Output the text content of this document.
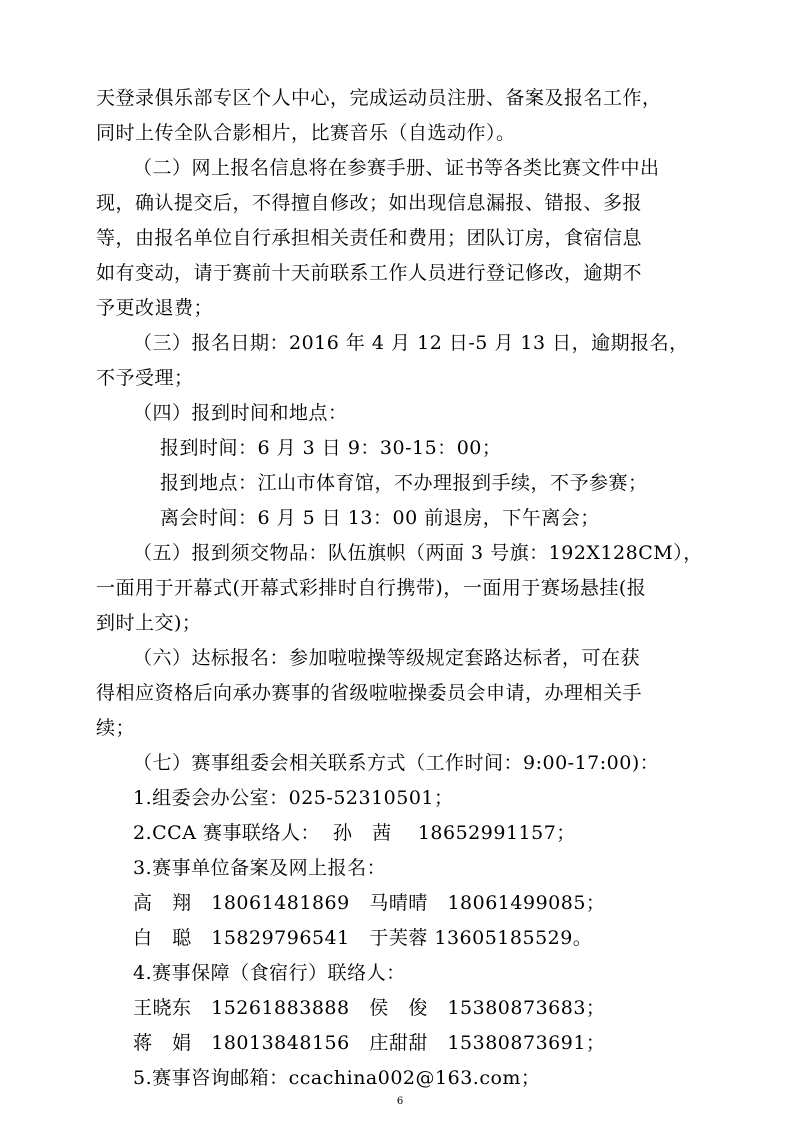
天登录俱乐部专区个人中心，完成运动员注册、备案及报名工作，
同时上传全队合影相片，比赛音乐（自选动作）。
（二）网上报名信息将在参赛手册、证书等各类比赛文件中出
现，确认提交后，不得擅自修改；如出现信息漏报、错报、多报
等，由报名单位自行承担相关责任和费用；团队订房，食宿信息
如有变动，请于赛前十天前联系工作人员进行登记修改，逾期不
予更改退费；
（三）报名日期：2016 年 4 月 12 日-5 月 13 日，逾期报名，
不予受理；
（四）报到时间和地点：
报到时间：6 月 3 日 9：30-15：00；
报到地点：江山市体育馆，不办理报到手续，不予参赛；
离会时间：6 月 5 日 13：00 前退房，下午离会；
（五）报到须交物品：队伍旗帜（两面 3 号旗：192X128CM），
一面用于开幕式(开幕式彩排时自行携带)，一面用于赛场悬挂(报
到时上交)；
（六）达标报名：参加啦啦操等级规定套路达标者，可在获
得相应资格后向承办赛事的省级啦啦操委员会申请，办理相关手
续；
（七）赛事组委会相关联系方式（工作时间：9:00-17:00)：
1.组委会办公室：025-52310501；
2.CCA 赛事联络人：  孙   茜    18652991157；
3.赛事单位备案及网上报名：
高   翔   18061481869   马晴晴   18061499085；
白   聪   15829796541   于芙蓉 13605185529。
4.赛事保障（食宿行）联络人：
王晓东   15261883888   侯   俊   15380873683；
蒋   娟   18013848156   庄甜甜   15380873691；
5.赛事咨询邮箱：ccachina002@163.com；
6
